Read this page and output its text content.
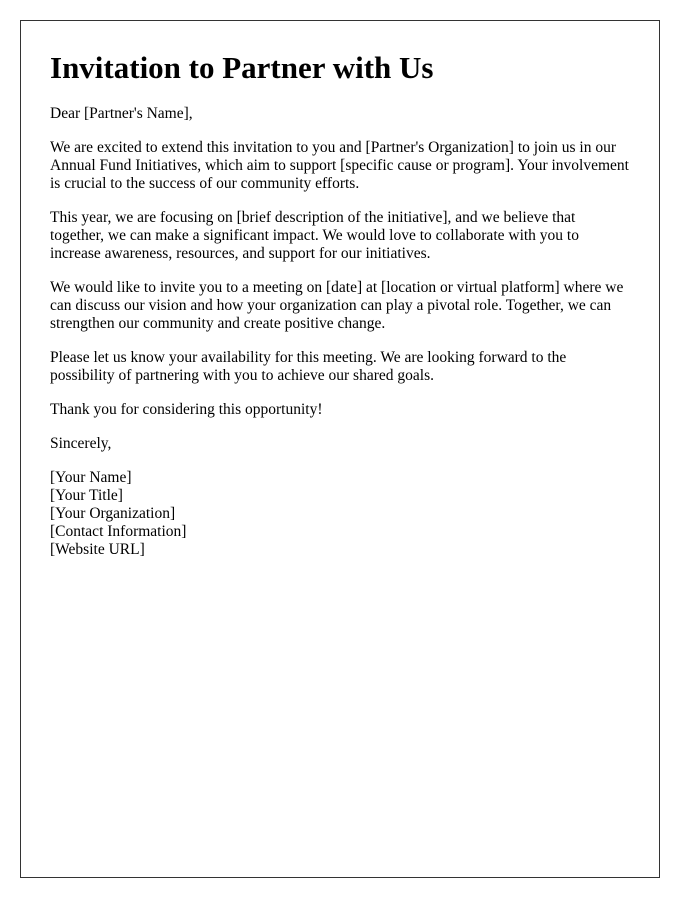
Invitation to Partner with Us

Dear [Partner's Name],

We are excited to extend this invitation to you and [Partner's Organization] to join us in our Annual Fund Initiatives, which aim to support [specific cause or program]. Your involvement is crucial to the success of our community efforts.

This year, we are focusing on [brief description of the initiative], and we believe that together, we can make a significant impact. We would love to collaborate with you to increase awareness, resources, and support for our initiatives.

We would like to invite you to a meeting on [date] at [location or virtual platform] where we can discuss our vision and how your organization can play a pivotal role. Together, we can strengthen our community and create positive change.

Please let us know your availability for this meeting. We are looking forward to the possibility of partnering with you to achieve our shared goals.

Thank you for considering this opportunity!

Sincerely,

[Your Name]
[Your Title]
[Your Organization]
[Contact Information]
[Website URL]
